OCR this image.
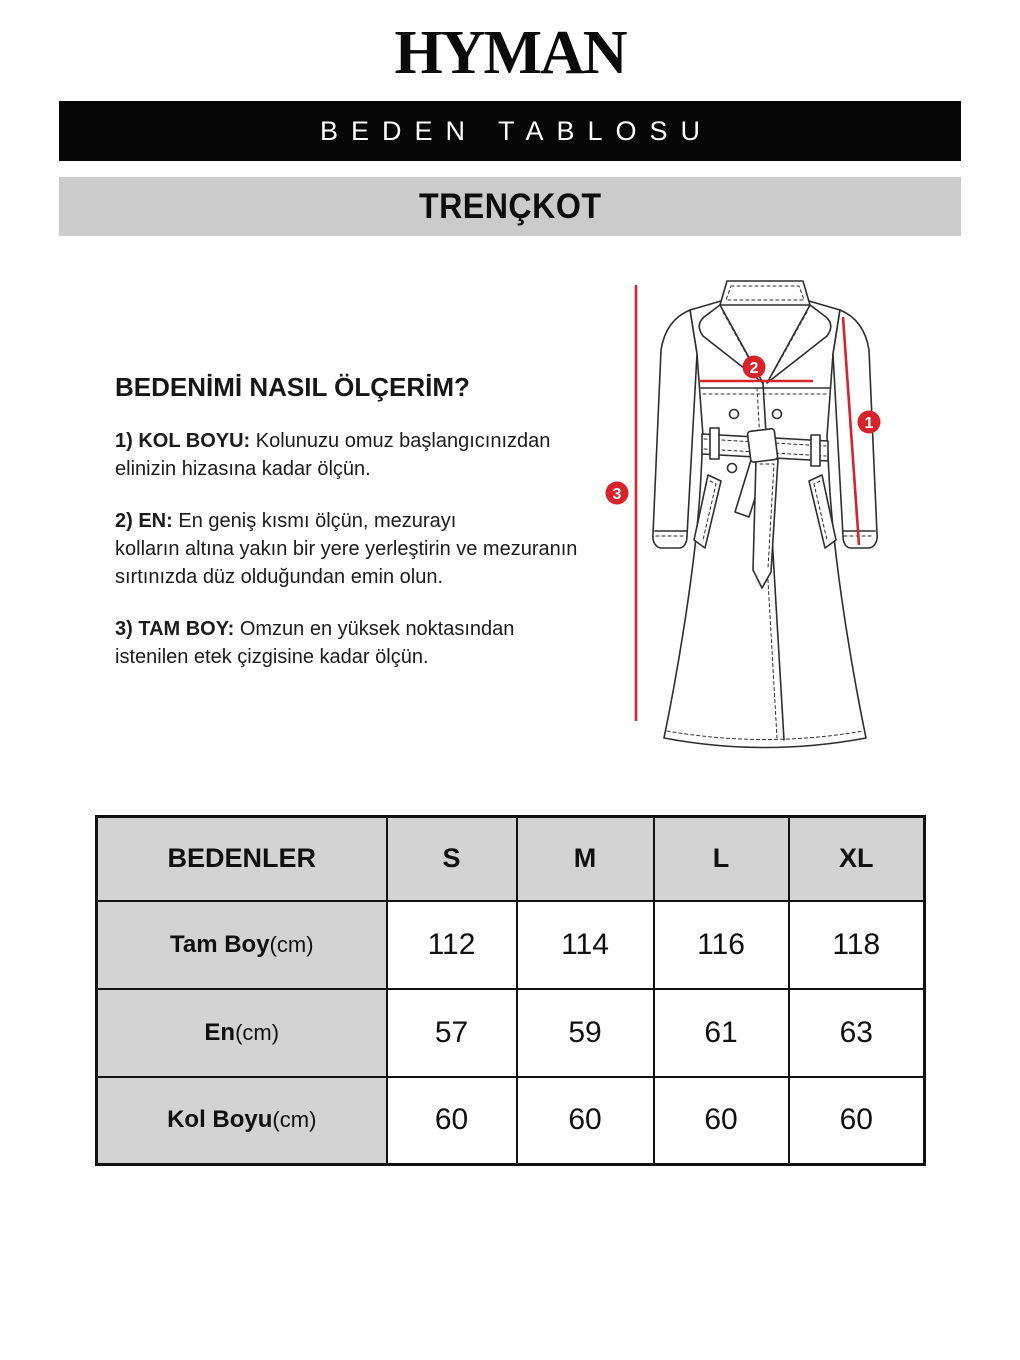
HYMAN
BEDEN TABLOSU
TRENÇKOT
BEDENİMİ NASIL ÖLÇERİM?

1) KOL BOYU: Kolunuzu omuz başlangıcınızdan
elinizin hizasına kadar ölçün.

2) EN: En geniş kısmı ölçün, mezurayı
kolların altına yakın bir yere yerleştirin ve mezuranın
sırtınızda düz olduğundan emin olun.

3) TAM BOY: Omzun en yüksek noktasından
istenilen etek çizgisine kadar ölçün.

1
2
3
BEDENLER	S	M	L	XL
Tam Boy(cm)	112	114	116	118
En(cm)	57	59	61	63
Kol Boyu(cm)	60	60	60	60
